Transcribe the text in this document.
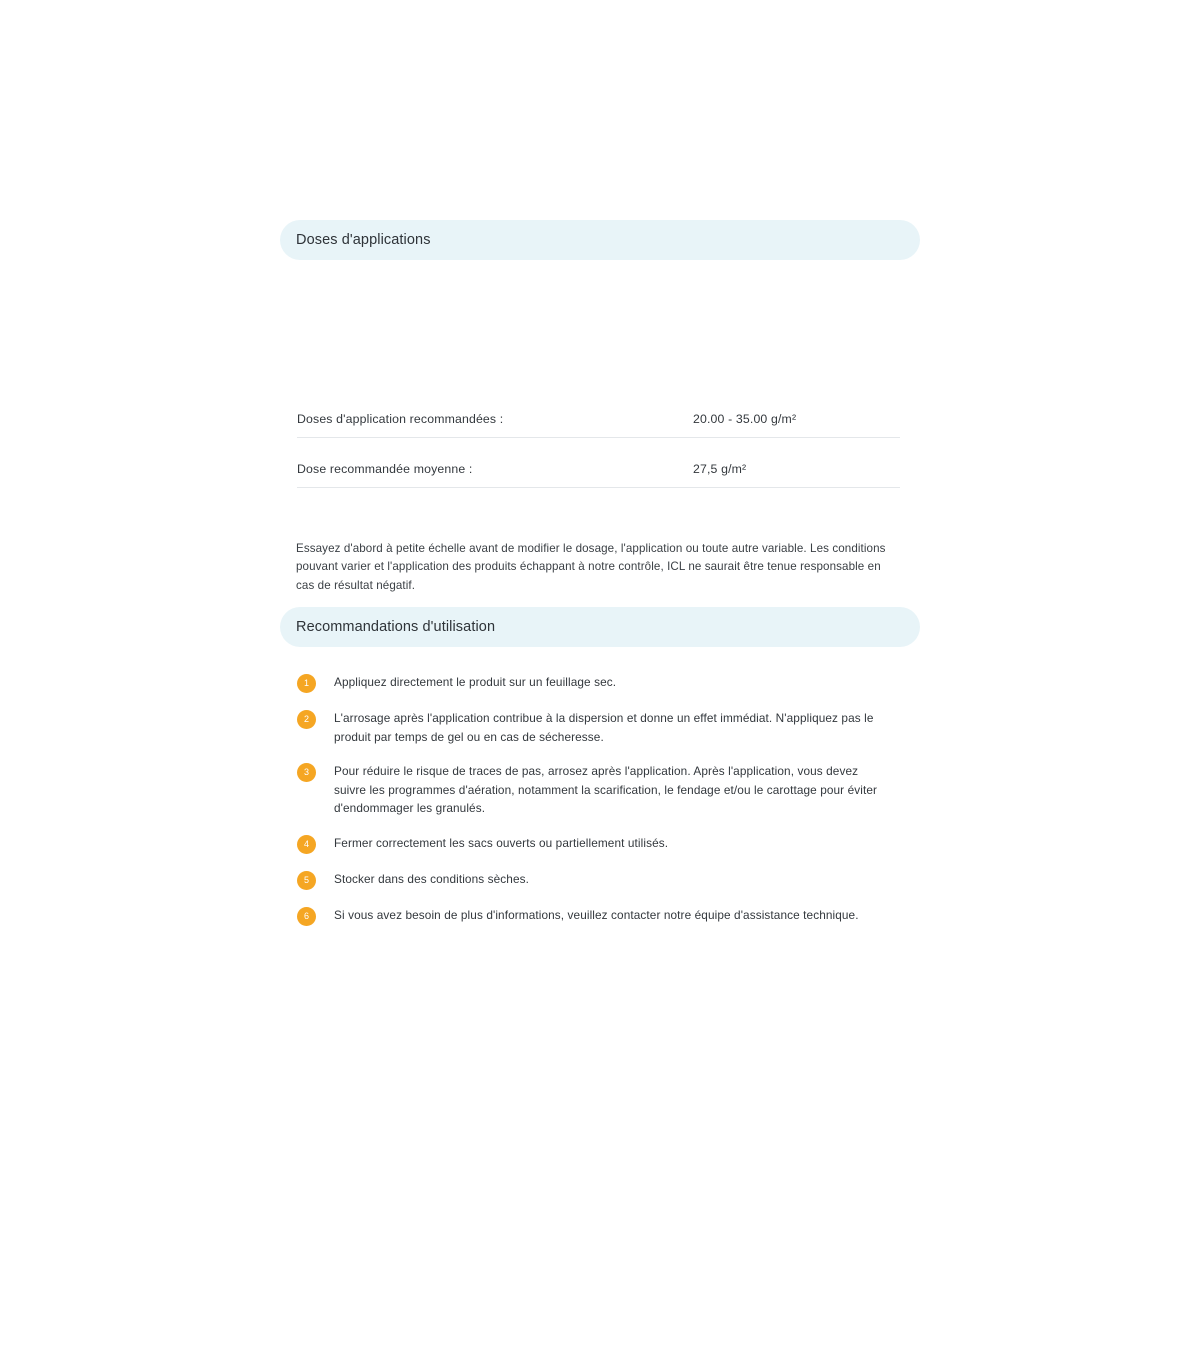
Doses d'applications
Doses d'application recommandées :	20.00 - 35.00 g/m²
Dose recommandée moyenne :	27,5 g/m²

Essayez d'abord à petite échelle avant de modifier le dosage, l'application ou toute autre variable. Les conditions pouvant varier et l'application des produits échappant à notre contrôle, ICL ne saurait être tenue responsable en cas de résultat négatif.

Recommandations d'utilisation
1	Appliquez directement le produit sur un feuillage sec.
2	L'arrosage après l'application contribue à la dispersion et donne un effet immédiat. N'appliquez pas le produit par temps de gel ou en cas de sécheresse.
3	Pour réduire le risque de traces de pas, arrosez après l'application. Après l'application, vous devez suivre les programmes d'aération, notamment la scarification, le fendage et/ou le carottage pour éviter d'endommager les granulés.
4	Fermer correctement les sacs ouverts ou partiellement utilisés.
5	Stocker dans des conditions sèches.
6	Si vous avez besoin de plus d'informations, veuillez contacter notre équipe d'assistance technique.
